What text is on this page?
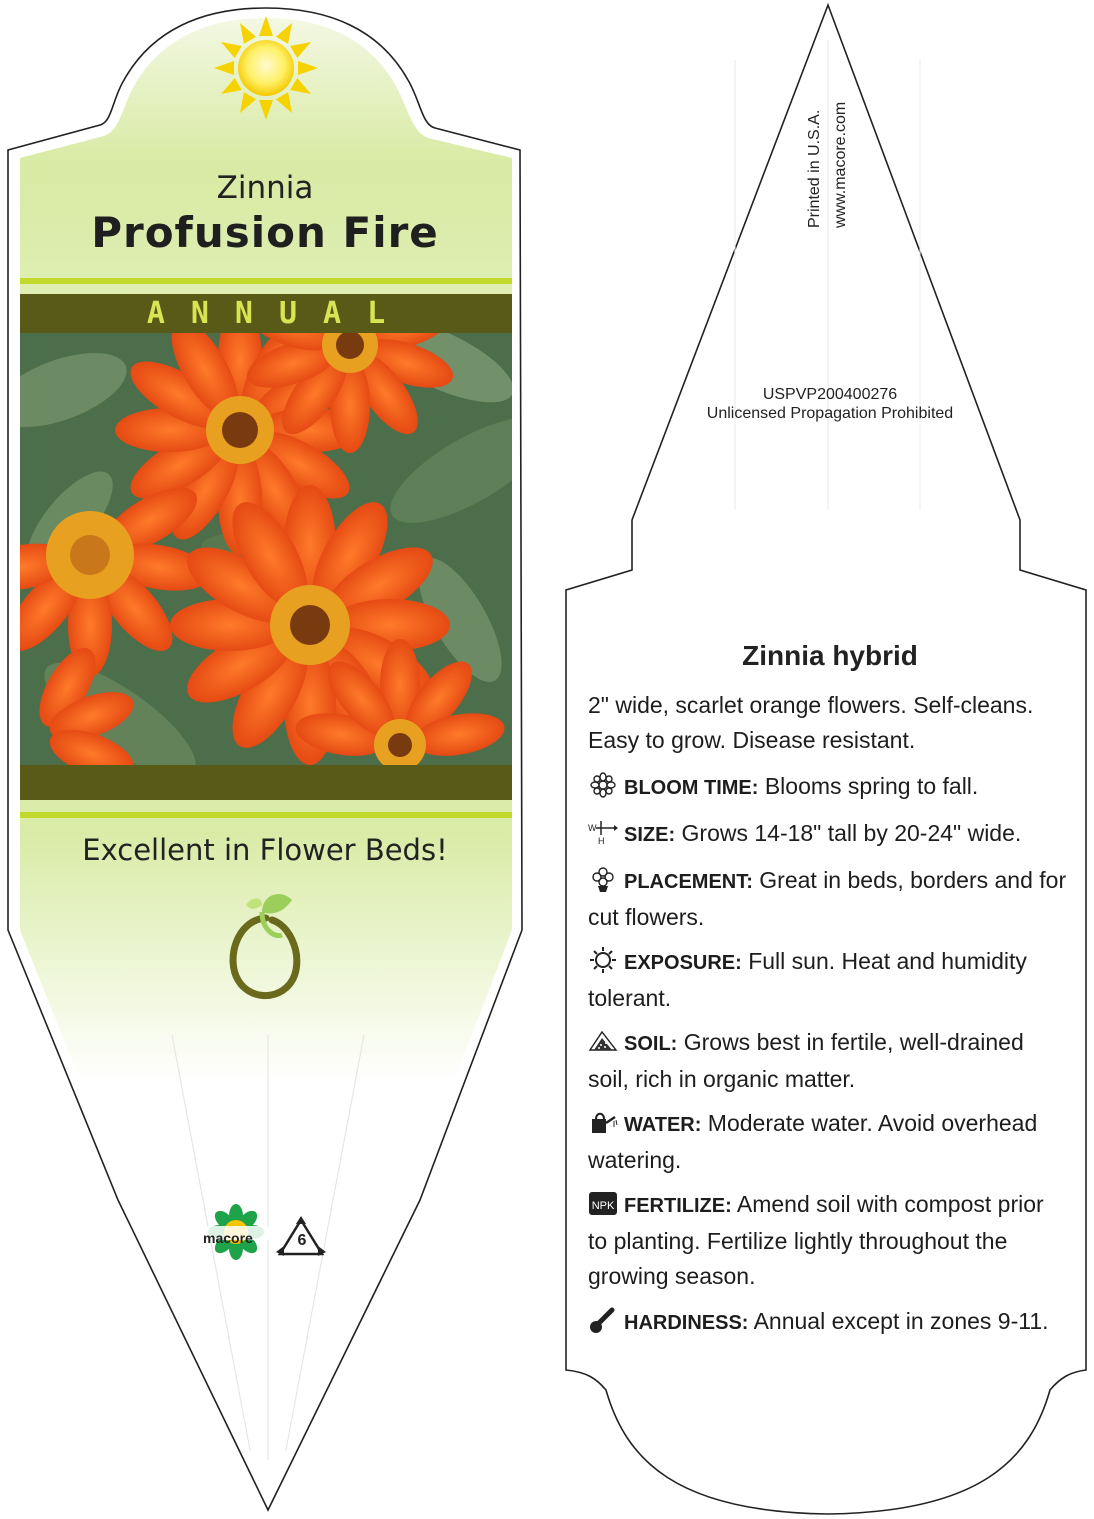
Zinnia
Profusion Fire
ANNUAL
Excellent in Flower Beds!
macore	6
Printed in U.S.A. www.macore.com
USPVP200400276
Unlicensed Propagation Prohibited
Zinnia hybrid
2" wide, scarlet orange flowers. Self-cleans. Easy to grow. Disease resistant.
BLOOM TIME: Blooms spring to fall.
W
H SIZE: Grows 14-18" tall by 20-24" wide.
PLACEMENT: Great in beds, borders and for cut flowers.
EXPOSURE: Full sun. Heat and humidity tolerant.
SOIL: Grows best in fertile, well-drained soil, rich in organic matter.
WATER: Moderate water. Avoid overhead watering.
NPK FERTILIZE: Amend soil with compost prior to planting. Fertilize lightly throughout the growing season.
HARDINESS: Annual except in zones 9-11.
